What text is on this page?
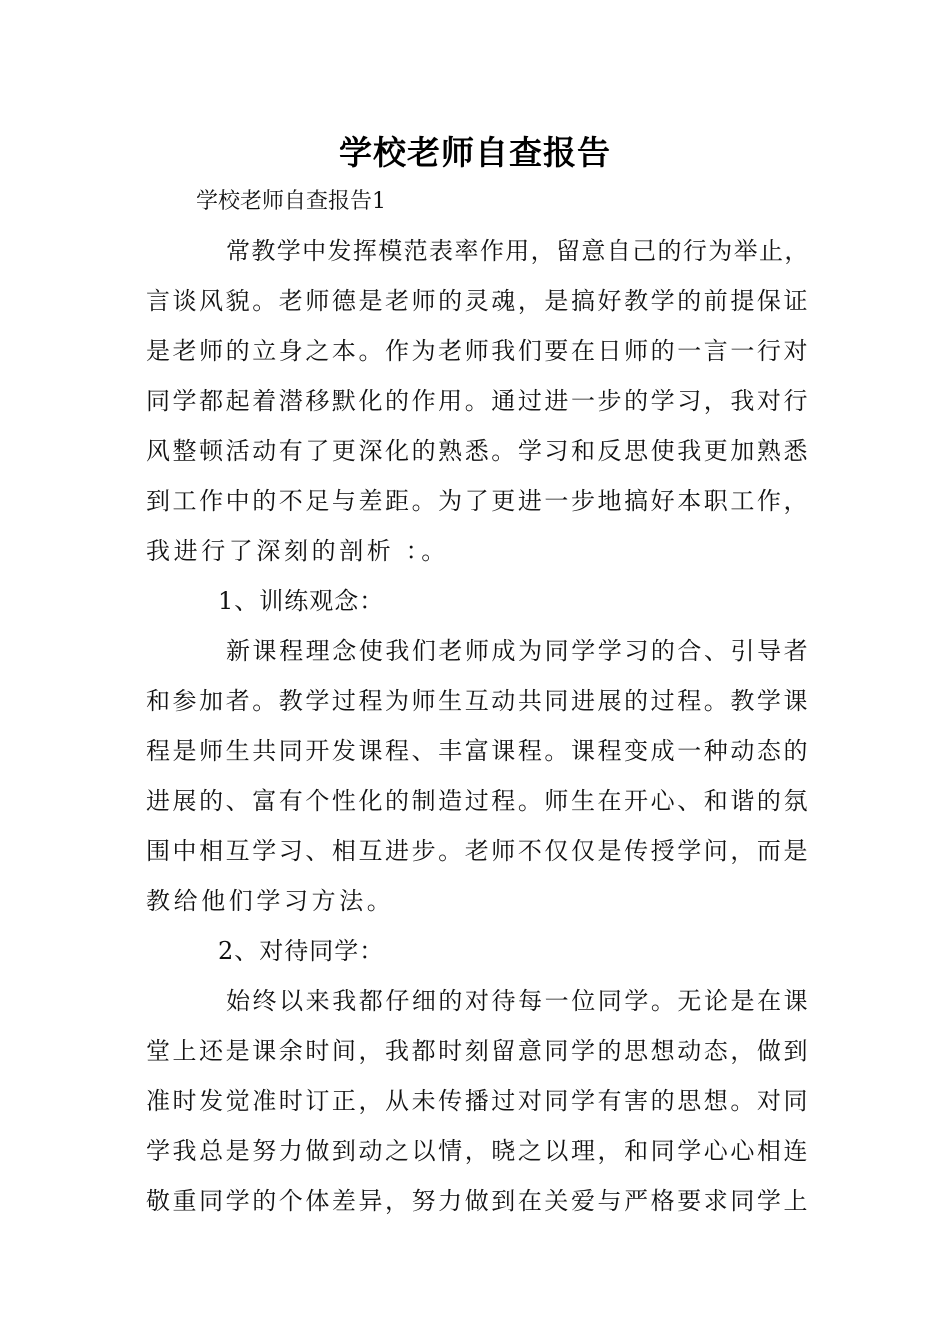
学校老师自查报告
学校老师自查报告1
常教学中发挥模范表率作用，留意自己的行为举止，
言谈风貌。老师德是老师的灵魂，是搞好教学的前提保证
是老师的立身之本。作为老师我们要在日师的一言一行对
同学都起着潜移默化的作用。通过进一步的学习，我对行
风整顿活动有了更深化的熟悉。学习和反思使我更加熟悉
到工作中的不足与差距。为了更进一步地搞好本职工作，
我进行了深刻的剖析 ：。
1、训练观念：
新课程理念使我们老师成为同学学习的合、引导者
和参加者。教学过程为师生互动共同进展的过程。教学课
程是师生共同开发课程、丰富课程。课程变成一种动态的
进展的、富有个性化的制造过程。师生在开心、和谐的氛
围中相互学习、相互进步。老师不仅仅是传授学问，而是
教给他们学习方法。
2、对待同学：
始终以来我都仔细的对待每一位同学。无论是在课
堂上还是课余时间，我都时刻留意同学的思想动态，做到
准时发觉准时订正，从未传播过对同学有害的思想。对同
学我总是努力做到动之以情，晓之以理，和同学心心相连
敬重同学的个体差异，努力做到在关爱与严格要求同学上
